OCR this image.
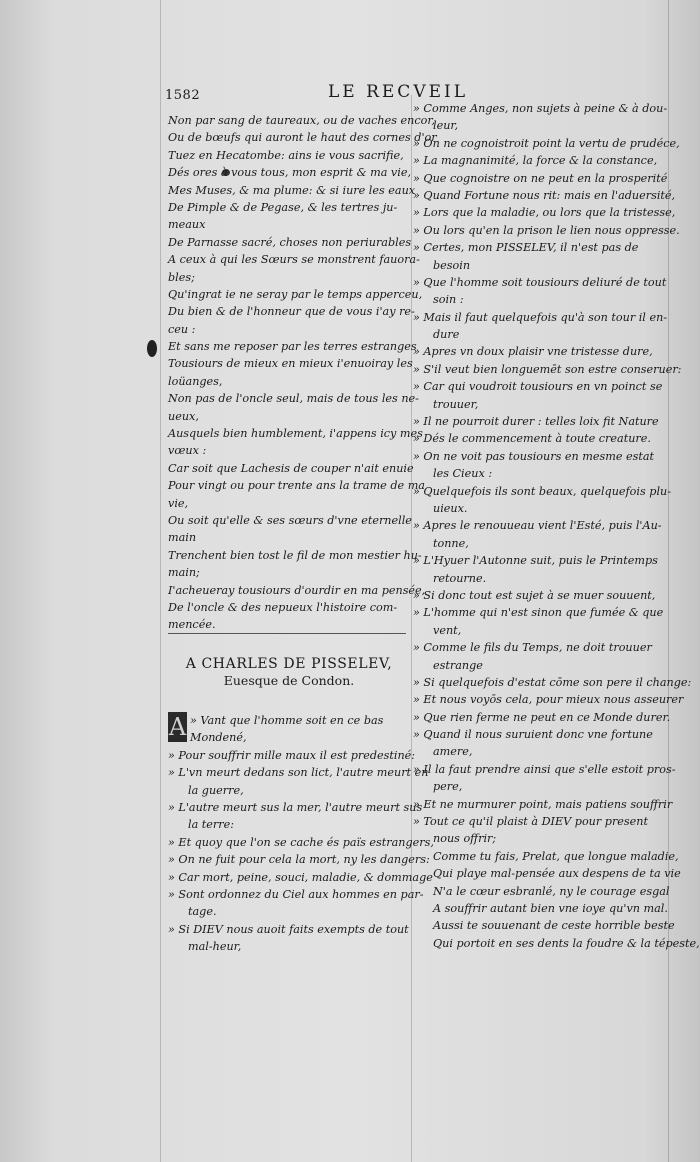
1582	LE RECVEIL
Non par sang de taureaux, ou de vaches encor,
Ou de bœufs qui auront le haut des cornes d'or
Tuez en Hecatombe: ains ie vous sacrifie,
Dés ores à vous tous, mon esprit & ma vie,
Mes Muses, & ma plume: & si iure les eaux
De Pimple & de Pegase, & les tertres ju-
meaux
De Parnasse sacré, choses non periurables
A ceux à qui les Sœurs se monstrent fauora-
bles;
Qu'ingrat ie ne seray par le temps apperceu,
Du bien & de l'honneur que de vous i'ay re-
ceu :
Et sans me reposer par les terres estranges
Tousiours de mieux en mieux i'enuoiray les
loüanges,
Non pas de l'oncle seul, mais de tous les ne-
ueux,
Ausquels bien humblement, i'appens icy mes
vœux :
Car soit que Lachesis de couper n'ait enuie
Pour vingt ou pour trente ans la trame de ma
vie,
Ou soit qu'elle & ses sœurs d'vne eternelle
main
Trenchent bien tost le fil de mon mestier hu-
main;
I'acheueray tousiours d'ourdir en ma pensée,
De l'oncle & des nepueux l'histoire com-
mencée.
A CHARLES DE PISSELEV,
Euesque de Condon.
A » Vant que l'homme soit en ce bas
Mondené,
» Pour souffrir mille maux il est predestiné:
» L'vn meurt dedans son lict, l'autre meurt en
la guerre,
» L'autre meurt sus la mer, l'autre meurt sus
la terre:
» Et quoy que l'on se cache és païs estrangers,
» On ne fuit pour cela la mort, ny les dangers:
» Car mort, peine, souci, maladie, & dommage
» Sont ordonnez du Ciel aux hommes en par-
tage.
» Si DIEV nous auoit faits exempts de tout
mal-heur,
» Comme Anges, non sujets à peine & à dou-
leur,
» On ne cognoistroit point la vertu de prudéce,
» La magnanimité, la force & la constance,
» Que cognoistre on ne peut en la prosperité
» Quand Fortune nous rit: mais en l'aduersité,
» Lors que la maladie, ou lors que la tristesse,
» Ou lors qu'en la prison le lien nous oppresse.
» Certes, mon PISSELEV, il n'est pas de
besoin
» Que l'homme soit tousiours deliuré de tout
soin :
» Mais il faut quelquefois qu'à son tour il en-
dure
» Apres vn doux plaisir vne tristesse dure,
» S'il veut bien longuemēt son estre conseruer:
» Car qui voudroit tousiours en vn poinct se
trouuer,
» Il ne pourroit durer : telles loix fit Nature
» Dés le commencement à toute creature.
» On ne voit pas tousiours en mesme estat
les Cieux :
» Quelquefois ils sont beaux, quelquefois plu-
uieux.
» Apres le renouueau vient l'Esté, puis l'Au-
tonne,
» L'Hyuer l'Autonne suit, puis le Printemps
retourne.
» Si donc tout est sujet à se muer souuent,
» L'homme qui n'est sinon que fumée & que
vent,
» Comme le fils du Temps, ne doit trouuer
estrange
» Si quelquefois d'estat cōme son pere il change:
» Et nous voyōs cela, pour mieux nous asseurer
» Que rien ferme ne peut en ce Monde durer.
» Quand il nous suruient donc vne fortune
amere,
» Il la faut prendre ainsi que s'elle estoit pros-
pere,
» Et ne murmurer point, mais patiens souffrir
» Tout ce qu'il plaist à DIEV pour present
nous offrir;
Comme tu fais, Prelat, que longue maladie,
Qui playe mal-pensée aux despens de ta vie
N'a le cœur esbranlé, ny le courage esgal
A souffrir autant bien vne ioye qu'vn mal.
Aussi te souuenant de ceste horrible beste
Qui portoit en ses dents la foudre & la tépeste,
